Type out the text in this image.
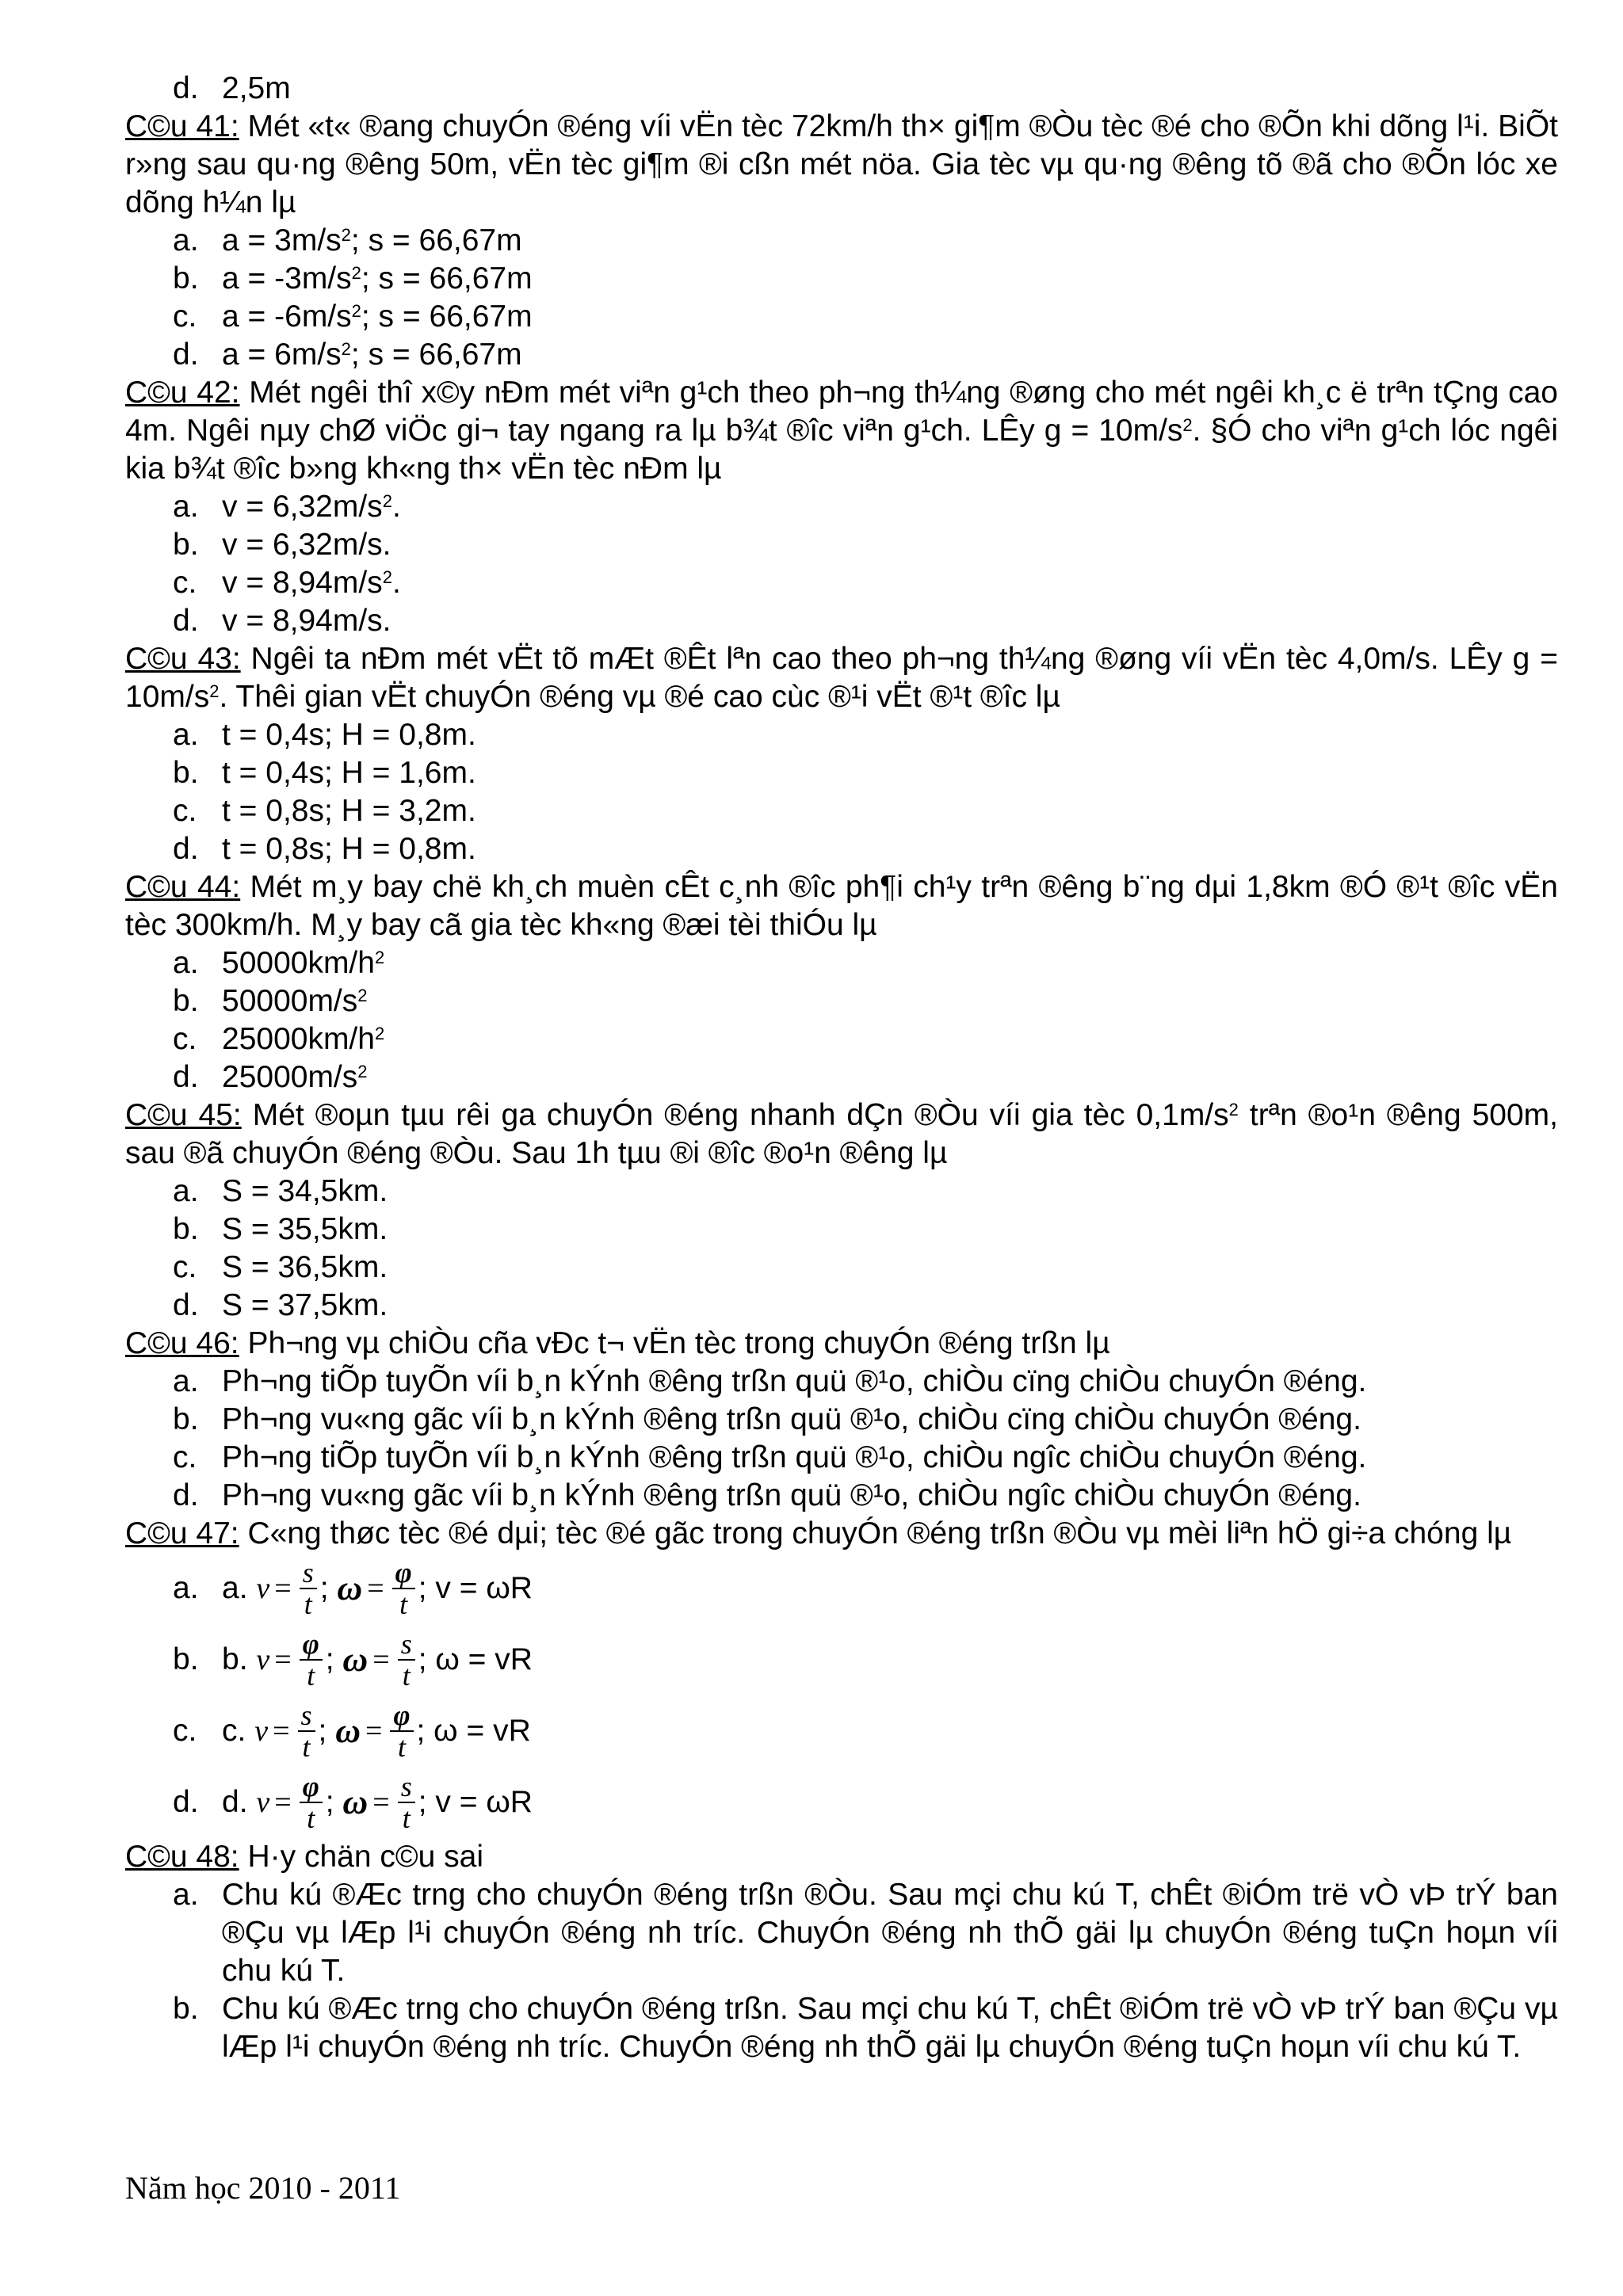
d. 2,5m
C©u 41: Mét «t« ®ang chuyÓn ®éng víi vËn tèc 72km/h th× gi¶m ®Òu tèc ®é cho ®Õn khi dõng l¹i. BiÕt r»ng sau qu·ng ®êng 50m, vËn tèc gi¶m ®i cßn mét nöa. Gia tèc vµ qu·ng ®êng tõ ®ã cho ®Õn lóc xe dõng h¼n lµ
a. $a = 3m/s^2$; s = 66,67m
b. $a = -3m/s^2$; s = 66,67m
c. $a = -6m/s^2$; s = 66,67m
d. $a = 6m/s^2$; s = 66,67m
C©u 42: Mét ngêi thî x©y nÐm mét viªn g¹ch theo ph¬ng th¼ng ®øng cho mét ngêi kh¸c ë trªn tÇng cao 4m. Ngêi nµy chØ viÖc gi¬ tay ngang ra lµ b¾t ®îc viªn g¹ch. LÊy $g = 10m/s^2$. §Ó cho viªn g¹ch lóc ngêi kia b¾t ®îc b»ng kh«ng th× vËn tèc nÐm lµ
a. $v = 6,32m/s^2$.
b. v = 6,32m/s.
c. $v = 8,94m/s^2$.
d. v = 8,94m/s.
C©u 43: Ngêi ta nÐm mét vËt tõ mÆt ®Êt lªn cao theo ph¬ng th¼ng ®øng víi vËn tèc 4,0m/s. LÊy $g = 10m/s^2$. Thêi gian vËt chuyÓn ®éng vµ ®é cao cùc ®¹i vËt ®¹t ®îc lµ
a. t = 0,4s; H = 0,8m.
b. t = 0,4s; H = 1,6m.
c. t = 0,8s; H = 3,2m.
d. t = 0,8s; H = 0,8m.
C©u 44: Mét m¸y bay chë kh¸ch muèn cÊt c¸nh ®îc ph¶i ch¹y trªn ®êng b¨ng dµi 1,8km ®Ó ®¹t ®îc vËn tèc 300km/h. M¸y bay cã gia tèc kh«ng ®æi tèi thiÓu lµ
a. $50000km/h^2$
b. $50000m/s^2$
c. $25000km/h^2$
d. $25000m/s^2$
C©u 45: Mét ®oµn tµu rêi ga chuyÓn ®éng nhanh dÇn ®Òu víi gia tèc $0,1m/s^2$ trªn ®o¹n ®êng 500m, sau ®ã chuyÓn ®éng ®Òu. Sau 1h tµu ®i ®îc ®o¹n ®êng lµ
a. S = 34,5km.
b. S = 35,5km.
c. S = 36,5km.
d. S = 37,5km.
C©u 46: Ph¬ng vµ chiÒu cña vÐc t¬ vËn tèc trong chuyÓn ®éng trßn lµ
a. Ph¬ng tiÕp tuyÕn víi b¸n kÝnh ®êng trßn quü ®¹o, chiÒu cïng chiÒu chuyÓn ®éng.
b. Ph¬ng vu«ng gãc víi b¸n kÝnh ®êng trßn quü ®¹o, chiÒu cïng chiÒu chuyÓn ®éng.
c. Ph¬ng tiÕp tuyÕn víi b¸n kÝnh ®êng trßn quü ®¹o, chiÒu ngîc chiÒu chuyÓn ®éng.
d. Ph¬ng vu«ng gãc víi b¸n kÝnh ®êng trßn quü ®¹o, chiÒu ngîc chiÒu chuyÓn ®éng.
C©u 47: C«ng thøc tèc ®é dµi; tèc ®é gãc trong chuyÓn ®éng trßn ®Òu vµ mèi liªn hÖ gi÷a chóng lµ
a. a.
$v = \frac{s}{t}$ ; $\omega = \frac{\varphi}{t}$ ; v = ωR
b. b.
$v = \frac{\varphi}{t}$ ; $\omega = \frac{s}{t}$ ; ω = vR
c. c.
$v = \frac{s}{t}$ ; $\omega = \frac{\varphi}{t}$ ; ω = vR
d. d.
$v = \frac{\varphi}{t}$ ; $\omega = \frac{s}{t}$ ; v = ωR
C©u 48: H·y chän c©u sai
a. Chu kú ®Æc trng cho chuyÓn ®éng trßn ®Òu. Sau mçi chu kú T, chÊt ®iÓm trë vÒ vÞ trÝ ban ®Çu vµ lÆp l¹i chuyÓn ®éng nh tríc. ChuyÓn ®éng nh thÕ gäi lµ chuyÓn ®éng tuÇn hoµn víi chu kú T.
b. Chu kú ®Æc trng cho chuyÓn ®éng trßn. Sau mçi chu kú T, chÊt ®iÓm trë vÒ vÞ trÝ ban ®Çu vµ lÆp l¹i chuyÓn ®éng nh tríc. ChuyÓn ®éng nh thÕ gäi lµ chuyÓn ®éng tuÇn hoµn víi chu kú T.
Năm học 2010 - 2011
